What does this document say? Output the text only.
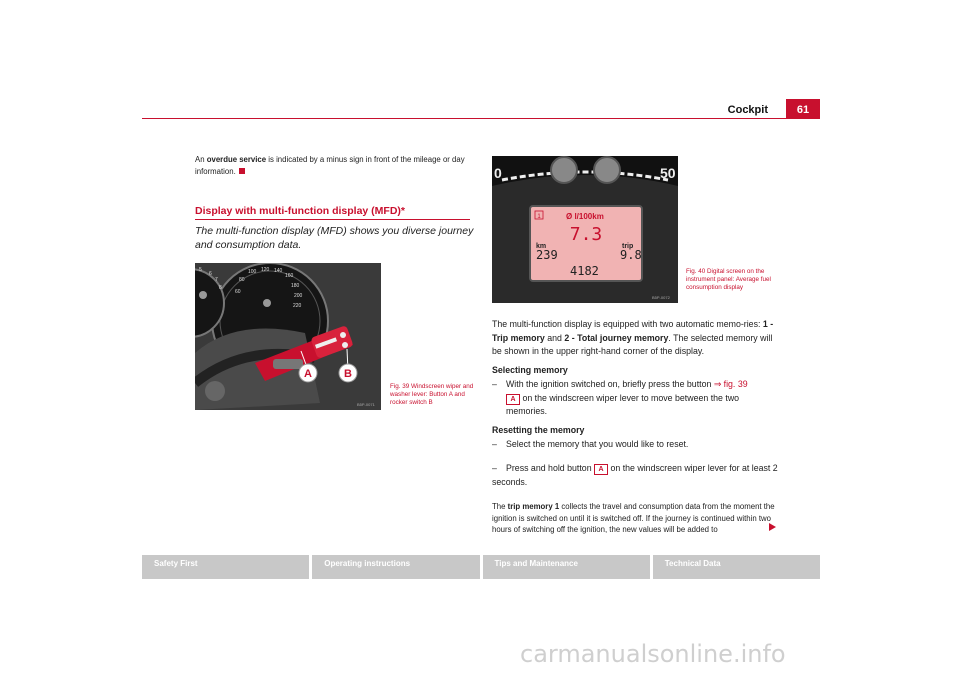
Cockpit	61
An overdue service is indicated by a minus sign in front of the mileage or day information.
Display with multi-function display (MFD)*
The multi-function display (MFD) shows you diverse journey and consumption data.
60
80
100 120 140
160
180
200
220
5
6
7
8
A	B
B5P-0071
Fig. 39 Windscreen wiper and washer lever: Button A and rocker switch B
0	50
1	Ø l/100km
7.3
km	trip
239	9.8
4182
B5P-0072
Fig. 40 Digital screen on the instrument panel: Average fuel consumption display
The multi-function display is equipped with two automatic memo-ries: 1 - Trip memory and 2 - Total journey memory. The selected memory will be shown in the upper right-hand corner of the display.
Selecting memory
– With the ignition switched on, briefly press the button ⇒ fig. 39
A on the windscreen wiper lever to move between the two memories.
Resetting the memory
– Select the memory that you would like to reset.
– Press and hold button A on the windscreen wiper lever for at least 2 seconds.
The trip memory 1 collects the travel and consumption data from the moment the ignition is switched on until it is switched off. If the journey is continued within two hours of switching off the ignition, the new values will be added to
Safety First	Operating instructions	Tips and Maintenance	Technical Data
carmanualsonline.info
